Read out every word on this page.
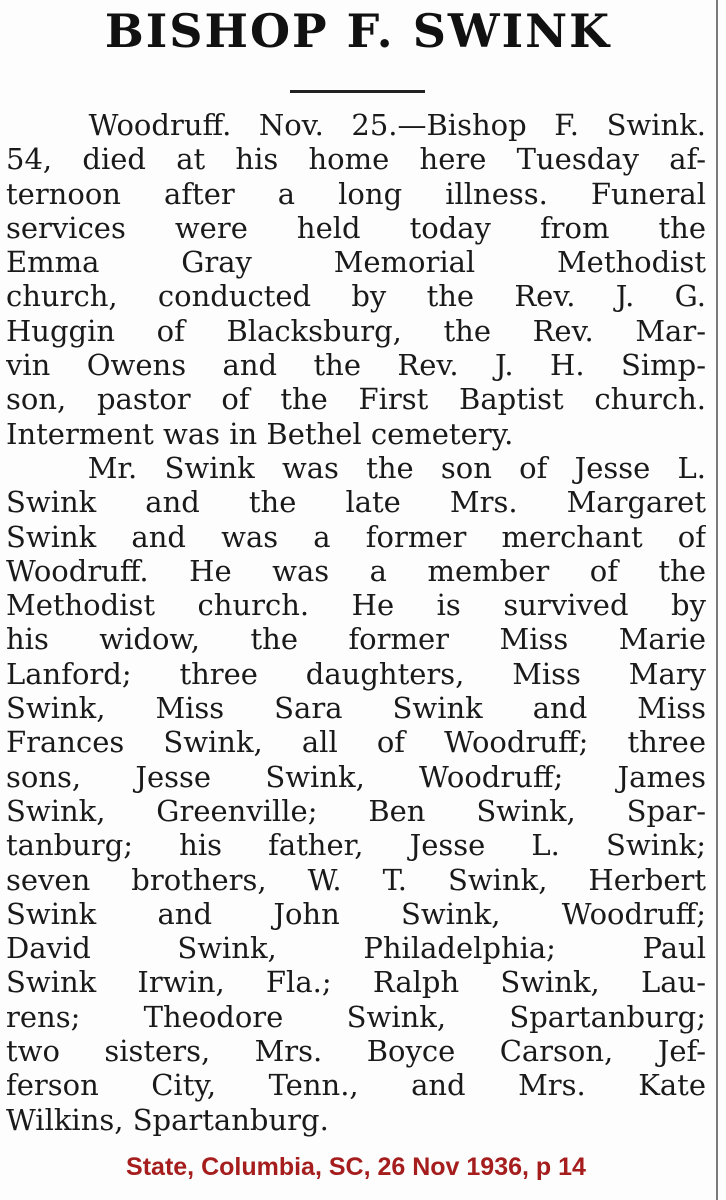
BISHOP F. SWINK
Woodruff. Nov. 25.—Bishop F. Swink.
54, died at his home here Tuesday af-
ternoon after a long illness. Funeral
services were held today from the
Emma Gray Memorial Methodist
church, conducted by the Rev. J. G.
Huggin of Blacksburg, the Rev. Mar-
vin Owens and the Rev. J. H. Simp-
son, pastor of the First Baptist church.
Interment was in Bethel cemetery.
Mr. Swink was the son of Jesse L.
Swink and the late Mrs. Margaret
Swink and was a former merchant of
Woodruff. He was a member of the
Methodist church. He is survived by
his widow, the former Miss Marie
Lanford; three daughters, Miss Mary
Swink, Miss Sara Swink and Miss
Frances Swink, all of Woodruff; three
sons, Jesse Swink, Woodruff; James
Swink, Greenville; Ben Swink, Spar-
tanburg; his father, Jesse L. Swink;
seven brothers, W. T. Swink, Herbert
Swink and John Swink, Woodruff;
David Swink, Philadelphia; Paul
Swink Irwin, Fla.; Ralph Swink, Lau-
rens; Theodore Swink, Spartanburg;
two sisters, Mrs. Boyce Carson, Jef-
ferson City, Tenn., and Mrs. Kate
Wilkins, Spartanburg.
State, Columbia, SC, 26 Nov 1936, p 14
